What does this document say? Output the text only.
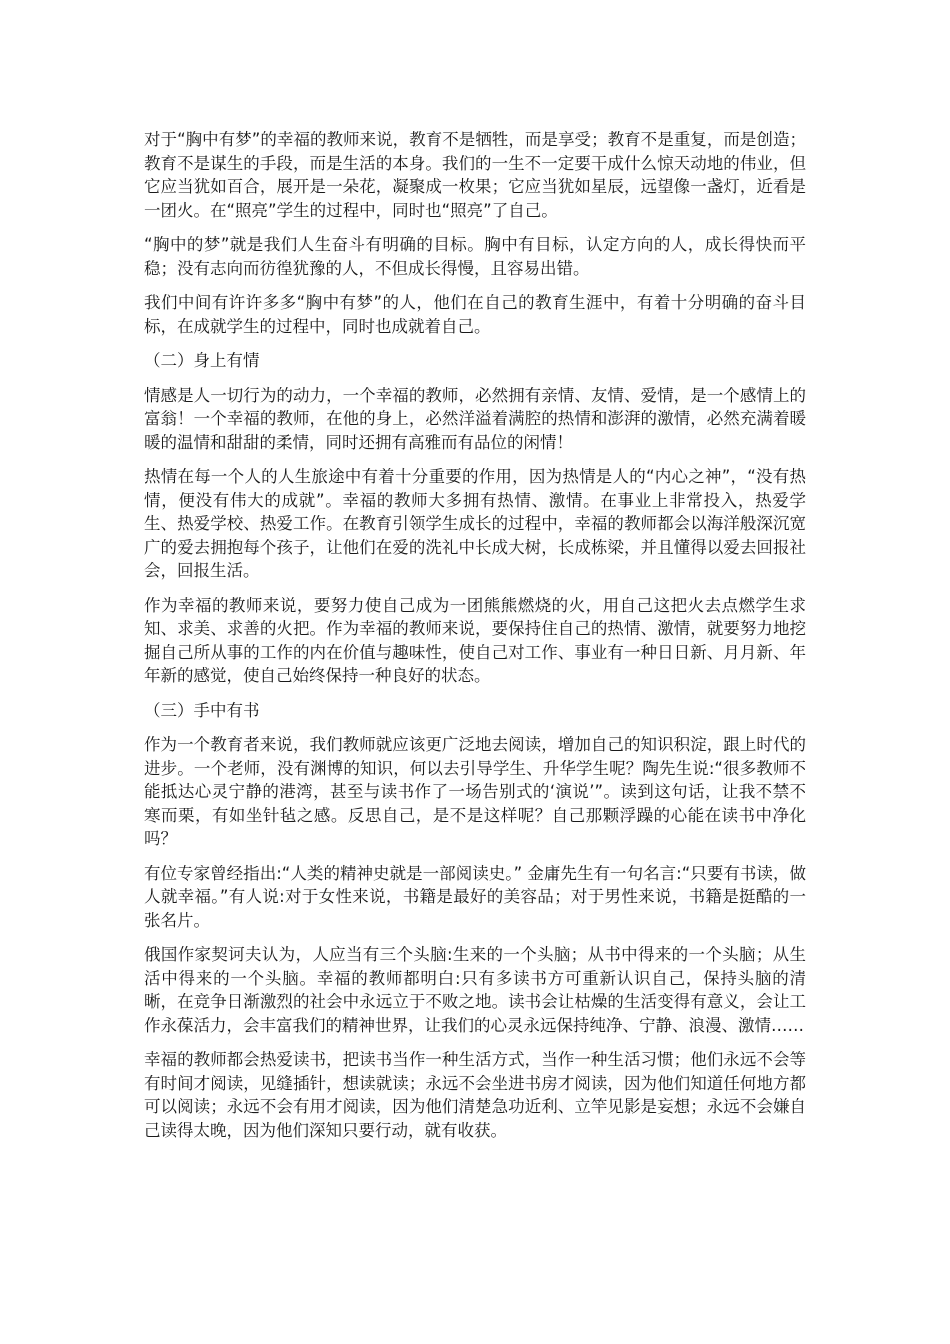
对于“胸中有梦”的幸福的教师来说，教育不是牺牲，而是享受；教育不是重复，而是创造；教育不是谋生的手段，而是生活的本身。我们的一生不一定要干成什么惊天动地的伟业，但它应当犹如百合，展开是一朵花，凝聚成一枚果；它应当犹如星辰，远望像一盏灯，近看是一团火。在“照亮”学生的过程中，同时也“照亮”了自己。

“胸中的梦”就是我们人生奋斗有明确的目标。胸中有目标，认定方向的人，成长得快而平稳；没有志向而彷徨犹豫的人，不但成长得慢，且容易出错。

我们中间有许许多多“胸中有梦”的人，他们在自己的教育生涯中，有着十分明确的奋斗目标，在成就学生的过程中，同时也成就着自己。

（二）身上有情

情感是人一切行为的动力，一个幸福的教师，必然拥有亲情、友情、爱情，是一个感情上的富翁！一个幸福的教师，在他的身上，必然洋溢着满腔的热情和澎湃的激情，必然充满着暖暖的温情和甜甜的柔情，同时还拥有高雅而有品位的闲情！

热情在每一个人的人生旅途中有着十分重要的作用，因为热情是人的“内心之神”，“没有热情，便没有伟大的成就”。幸福的教师大多拥有热情、激情。在事业上非常投入，热爱学生、热爱学校、热爱工作。在教育引领学生成长的过程中，幸福的教师都会以海洋般深沉宽广的爱去拥抱每个孩子，让他们在爱的洗礼中长成大树，长成栋梁，并且懂得以爱去回报社会，回报生活。

作为幸福的教师来说，要努力使自己成为一团熊熊燃烧的火，用自己这把火去点燃学生求知、求美、求善的火把。作为幸福的教师来说，要保持住自己的热情、激情，就要努力地挖掘自己所从事的工作的内在价值与趣味性，使自己对工作、事业有一种日日新、月月新、年年新的感觉，使自己始终保持一种良好的状态。

（三）手中有书

作为一个教育者来说，我们教师就应该更广泛地去阅读，增加自己的知识积淀，跟上时代的进步。一个老师，没有渊博的知识，何以去引导学生、升华学生呢？陶先生说:“很多教师不能抵达心灵宁静的港湾，甚至与读书作了一场告别式的‘演说’”。读到这句话，让我不禁不寒而栗，有如坐针毡之感。反思自己，是不是这样呢？自己那颗浮躁的心能在读书中净化吗？

有位专家曾经指出:“人类的精神史就是一部阅读史。” 金庸先生有一句名言:“只要有书读，做人就幸福。”有人说:对于女性来说，书籍是最好的美容品；对于男性来说，书籍是挺酷的一张名片。

俄国作家契诃夫认为，人应当有三个头脑:生来的一个头脑；从书中得来的一个头脑；从生活中得来的一个头脑。幸福的教师都明白:只有多读书方可重新认识自己，保持头脑的清晰，在竞争日渐激烈的社会中永远立于不败之地。读书会让枯燥的生活变得有意义，会让工作永葆活力，会丰富我们的精神世界，让我们的心灵永远保持纯净、宁静、浪漫、激情……

幸福的教师都会热爱读书，把读书当作一种生活方式，当作一种生活习惯；他们永远不会等有时间才阅读，见缝插针，想读就读；永远不会坐进书房才阅读，因为他们知道任何地方都可以阅读；永远不会有用才阅读，因为他们清楚急功近利、立竿见影是妄想；永远不会嫌自己读得太晚，因为他们深知只要行动，就有收获。
